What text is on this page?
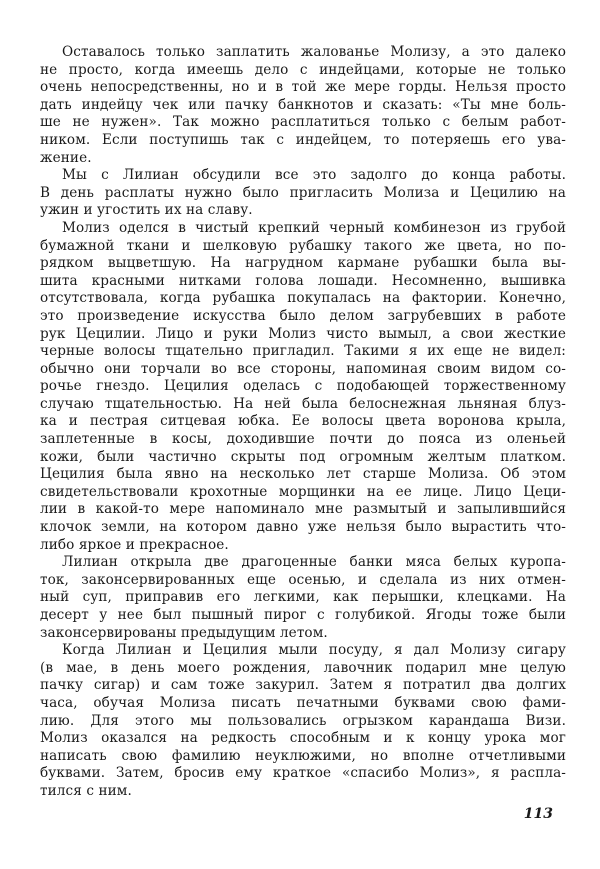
Оставалось только заплатить жалованье Молизу, а это далеко
не просто, когда имеешь дело с индейцами, которые не только
очень непосредственны, но и в той же мере горды. Нельзя просто
дать индейцу чек или пачку банкнотов и сказать: «Ты мне боль-
ше не нужен». Так можно расплатиться только с белым работ-
ником. Если поступишь так с индейцем, то потеряешь его ува-
жение.
Мы с Лилиан обсудили все это задолго до конца работы.
В день расплаты нужно было пригласить Молиза и Цецилию на
ужин и угостить их на славу.
Молиз оделся в чистый крепкий черный комбинезон из грубой
бумажной ткани и шелковую рубашку такого же цвета, но по-
рядком выцветшую. На нагрудном кармане рубашки была вы-
шита красными нитками голова лошади. Несомненно, вышивка
отсутствовала, когда рубашка покупалась на фактории. Конечно,
это произведение искусства было делом загрубевших в работе
рук Цецилии. Лицо и руки Молиз чисто вымыл, а свои жесткие
черные волосы тщательно пригладил. Такими я их еще не видел:
обычно они торчали во все стороны, напоминая своим видом со-
рочье гнездо. Цецилия оделась с подобающей торжественному
случаю тщательностью. На ней была белоснежная льняная блуз-
ка и пестрая ситцевая юбка. Ее волосы цвета воронова крыла,
заплетенные в косы, доходившие почти до пояса из оленьей
кожи, были частично скрыты под огромным желтым платком.
Цецилия была явно на несколько лет старше Молиза. Об этом
свидетельствовали крохотные морщинки на ее лице. Лицо Цеци-
лии в какой-то мере напоминало мне размытый и запылившийся
клочок земли, на котором давно уже нельзя было вырастить что-
либо яркое и прекрасное.
Лилиан открыла две драгоценные банки мяса белых куропа-
ток, законсервированных еще осенью, и сделала из них отмен-
ный суп, приправив его легкими, как перышки, клецками. На
десерт у нее был пышный пирог с голубикой. Ягоды тоже были
законсервированы предыдущим летом.
Когда Лилиан и Цецилия мыли посуду, я дал Молизу сигару
(в мае, в день моего рождения, лавочник подарил мне целую
пачку сигар) и сам тоже закурил. Затем я потратил два долгих
часа, обучая Молиза писать печатными буквами свою фами-
лию. Для этого мы пользовались огрызком карандаша Визи.
Молиз оказался на редкость способным и к концу урока мог
написать свою фамилию неуклюжими, но вполне отчетливыми
буквами. Затем, бросив ему краткое «спасибо Молиз», я распла-
тился с ним.
113
